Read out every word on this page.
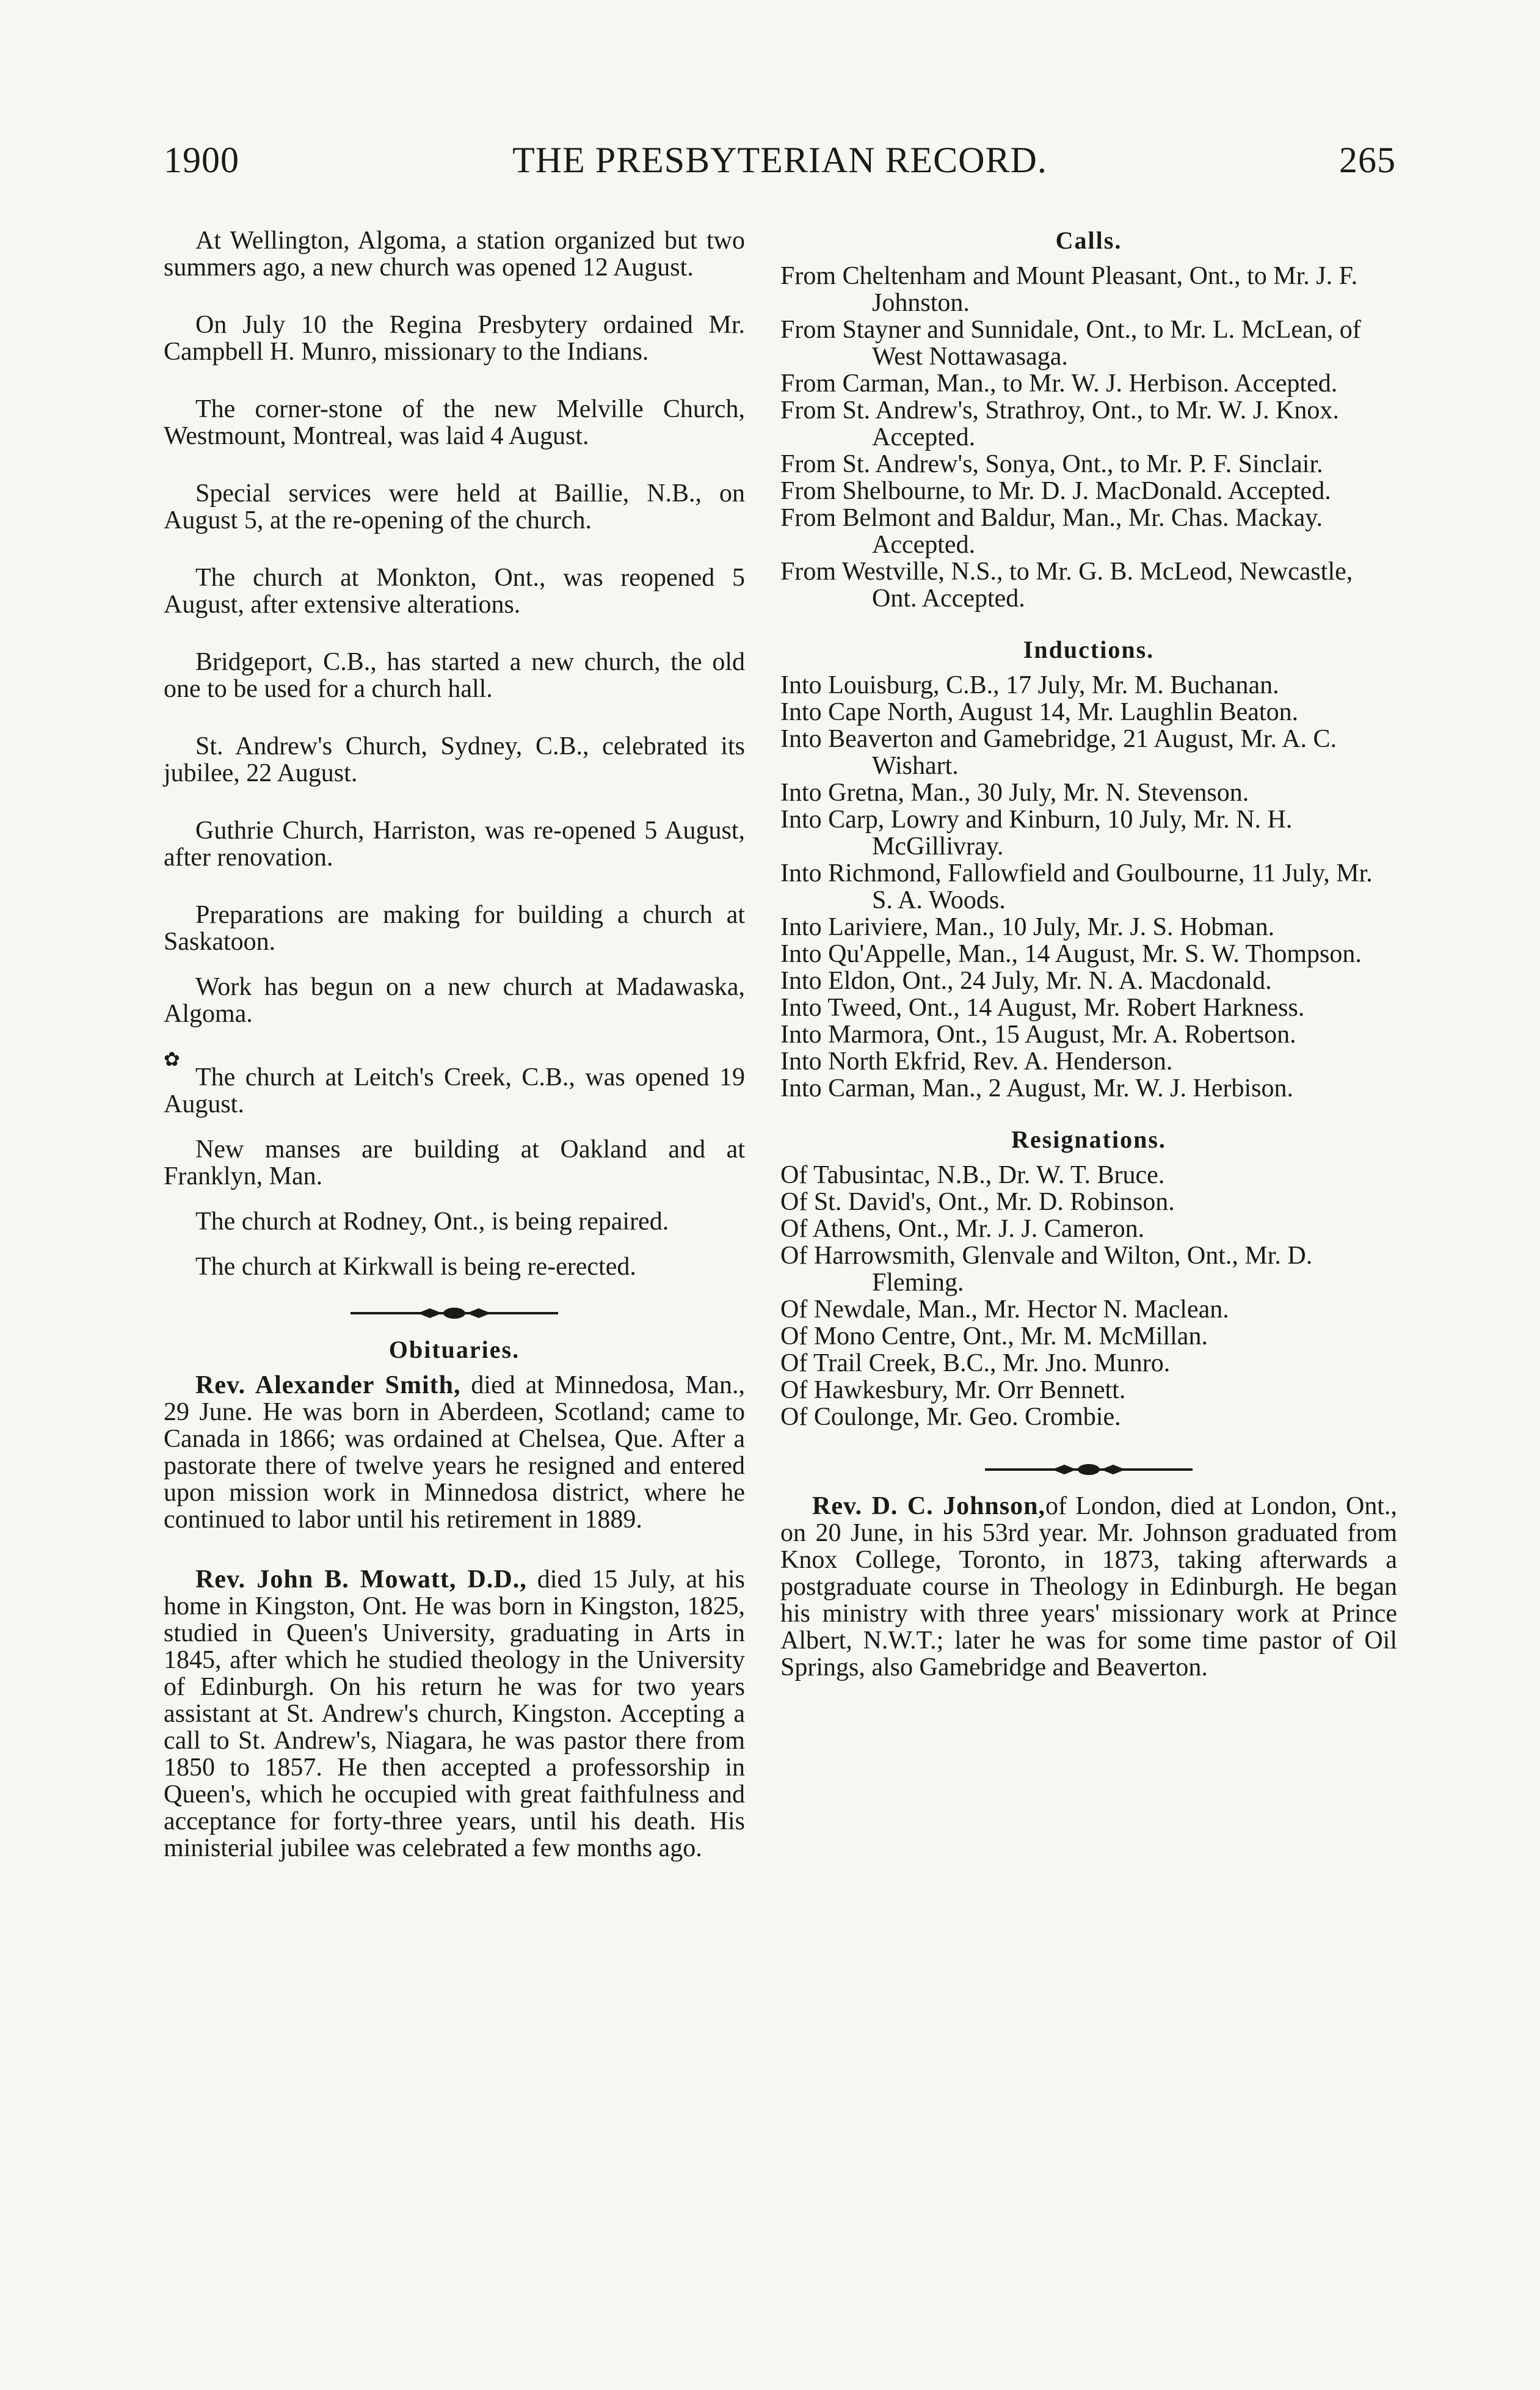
1900	THE PRESBYTERIAN RECORD.	265

At Wellington, Algoma, a station organized but two summers ago, a new church was opened 12 August.

On July 10 the Regina Presbytery ordained Mr. Campbell H. Munro, missionary to the Indians.

The corner-stone of the new Melville Church, Westmount, Montreal, was laid 4 August.

Special services were held at Baillie, N.B., on August 5, at the re-opening of the church.

The church at Monkton, Ont., was reopened 5 August, after extensive alterations.

Bridgeport, C.B., has started a new church, the old one to be used for a church hall.

St. Andrew's Church, Sydney, C.B., celebrated its jubilee, 22 August.

Guthrie Church, Harriston, was re-opened 5 August, after renovation.

Preparations are making for building a church at Saskatoon.

Work has begun on a new church at Madawaska, Algoma.

✿

The church at Leitch's Creek, C.B., was opened 19 August.

New manses are building at Oakland and at Franklyn, Man.

The church at Rodney, Ont., is being repaired.

The church at Kirkwall is being re-erected.

Obituaries.

Rev. Alexander Smith, died at Minnedosa, Man., 29 June. He was born in Aberdeen, Scotland; came to Canada in 1866; was ordained at Chelsea, Que. After a pastorate there of twelve years he resigned and entered upon mission work in Minnedosa district, where he continued to labor until his retirement in 1889.

Rev. John B. Mowatt, D.D., died 15 July, at his home in Kingston, Ont. He was born in Kingston, 1825, studied in Queen's University, graduating in Arts in 1845, after which he studied theology in the University of Edinburgh. On his return he was for two years assistant at St. Andrew's church, Kingston. Accepting a call to St. Andrew's, Niagara, he was pastor there from 1850 to 1857. He then accepted a professorship in Queen's, which he occupied with great faithfulness and acceptance for forty-three years, until his death. His ministerial jubilee was celebrated a few months ago.

Calls.
From Cheltenham and Mount Pleasant, Ont., to Mr. J. F. Johnston.
From Stayner and Sunnidale, Ont., to Mr. L. McLean, of West Nottawasaga.
From Carman, Man., to Mr. W. J. Herbison. Accepted.
From St. Andrew's, Strathroy, Ont., to Mr. W. J. Knox. Accepted.
From St. Andrew's, Sonya, Ont., to Mr. P. F. Sinclair.
From Shelbourne, to Mr. D. J. MacDonald. Accepted.
From Belmont and Baldur, Man., Mr. Chas. Mackay. Accepted.
From Westville, N.S., to Mr. G. B. McLeod, Newcastle, Ont. Accepted.
Inductions.
Into Louisburg, C.B., 17 July, Mr. M. Buchanan.
Into Cape North, August 14, Mr. Laughlin Beaton.
Into Beaverton and Gamebridge, 21 August, Mr. A. C. Wishart.
Into Gretna, Man., 30 July, Mr. N. Stevenson.
Into Carp, Lowry and Kinburn, 10 July, Mr. N. H. McGillivray.
Into Richmond, Fallowfield and Goulbourne, 11 July, Mr. S. A. Woods.
Into Lariviere, Man., 10 July, Mr. J. S. Hobman.
Into Qu'Appelle, Man., 14 August, Mr. S. W. Thompson.
Into Eldon, Ont., 24 July, Mr. N. A. Macdonald.
Into Tweed, Ont., 14 August, Mr. Robert Harkness.
Into Marmora, Ont., 15 August, Mr. A. Robertson.
Into North Ekfrid, Rev. A. Henderson.
Into Carman, Man., 2 August, Mr. W. J. Herbison.
Resignations.
Of Tabusintac, N.B., Dr. W. T. Bruce.
Of St. David's, Ont., Mr. D. Robinson.
Of Athens, Ont., Mr. J. J. Cameron.
Of Harrowsmith, Glenvale and Wilton, Ont., Mr. D. Fleming.
Of Newdale, Man., Mr. Hector N. Maclean.
Of Mono Centre, Ont., Mr. M. McMillan.
Of Trail Creek, B.C., Mr. Jno. Munro.
Of Hawkesbury, Mr. Orr Bennett.
Of Coulonge, Mr. Geo. Crombie.

Rev. D. C. Johnson,of London, died at London, Ont., on 20 June, in his 53rd year. Mr. Johnson graduated from Knox College, Toronto, in 1873, taking afterwards a postgraduate course in Theology in Edinburgh. He began his ministry with three years' missionary work at Prince Albert, N.W.T.; later he was for some time pastor of Oil Springs, also Gamebridge and Beaverton.
